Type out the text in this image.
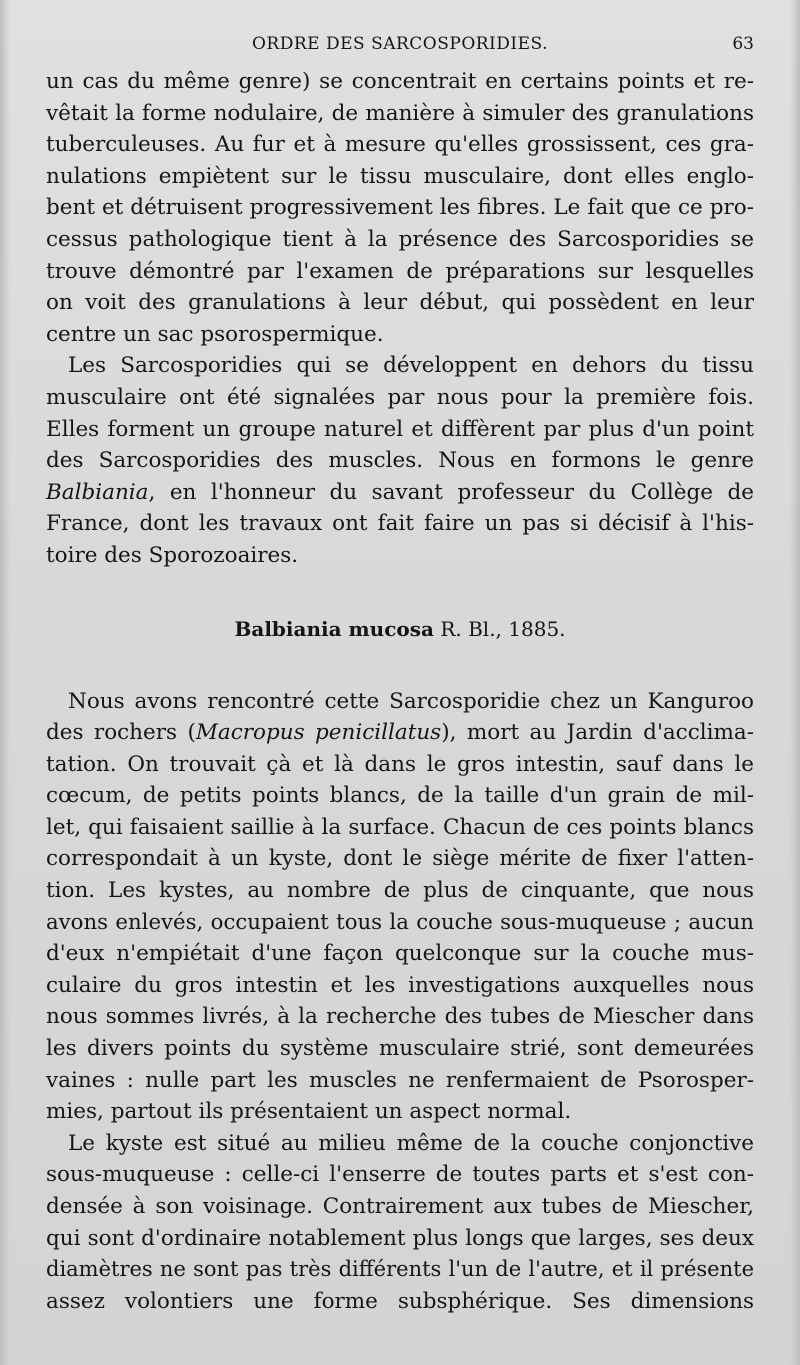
ORDRE DES SARCOSPORIDIES.	63

un cas du même genre) se concentrait en certains points et re-
vêtait la forme nodulaire, de manière à simuler des granulations
tuberculeuses. Au fur et à mesure qu'elles grossissent, ces gra-
nulations empiètent sur le tissu musculaire, dont elles englo-
bent et détruisent progressivement les fibres. Le fait que ce pro-
cessus pathologique tient à la présence des Sarcosporidies se
trouve démontré par l'examen de préparations sur lesquelles
on voit des granulations à leur début, qui possèdent en leur
centre un sac psorospermique.

Les Sarcosporidies qui se développent en dehors du tissu
musculaire ont été signalées par nous pour la première fois.
Elles forment un groupe naturel et diffèrent par plus d'un point
des Sarcosporidies des muscles. Nous en formons le genre
Balbiania, en l'honneur du savant professeur du Collège de
France, dont les travaux ont fait faire un pas si décisif à l'his-
toire des Sporozoaires.

Balbiania mucosa R. Bl., 1885.

Nous avons rencontré cette Sarcosporidie chez un Kanguroo
des rochers (Macropus penicillatus), mort au Jardin d'acclima-
tation. On trouvait çà et là dans le gros intestin, sauf dans le
cœcum, de petits points blancs, de la taille d'un grain de mil-
let, qui faisaient saillie à la surface. Chacun de ces points blancs
correspondait à un kyste, dont le siège mérite de fixer l'atten-
tion. Les kystes, au nombre de plus de cinquante, que nous
avons enlevés, occupaient tous la couche sous-muqueuse ; aucun
d'eux n'empiétait d'une façon quelconque sur la couche mus-
culaire du gros intestin et les investigations auxquelles nous
nous sommes livrés, à la recherche des tubes de Miescher dans
les divers points du système musculaire strié, sont demeurées
vaines : nulle part les muscles ne renfermaient de Psorosper-
mies, partout ils présentaient un aspect normal.

Le kyste est situé au milieu même de la couche conjonctive
sous-muqueuse : celle-ci l'enserre de toutes parts et s'est con-
densée à son voisinage. Contrairement aux tubes de Miescher,
qui sont d'ordinaire notablement plus longs que larges, ses deux
diamètres ne sont pas très différents l'un de l'autre, et il présente
assez volontiers une forme subsphérique. Ses dimensions
